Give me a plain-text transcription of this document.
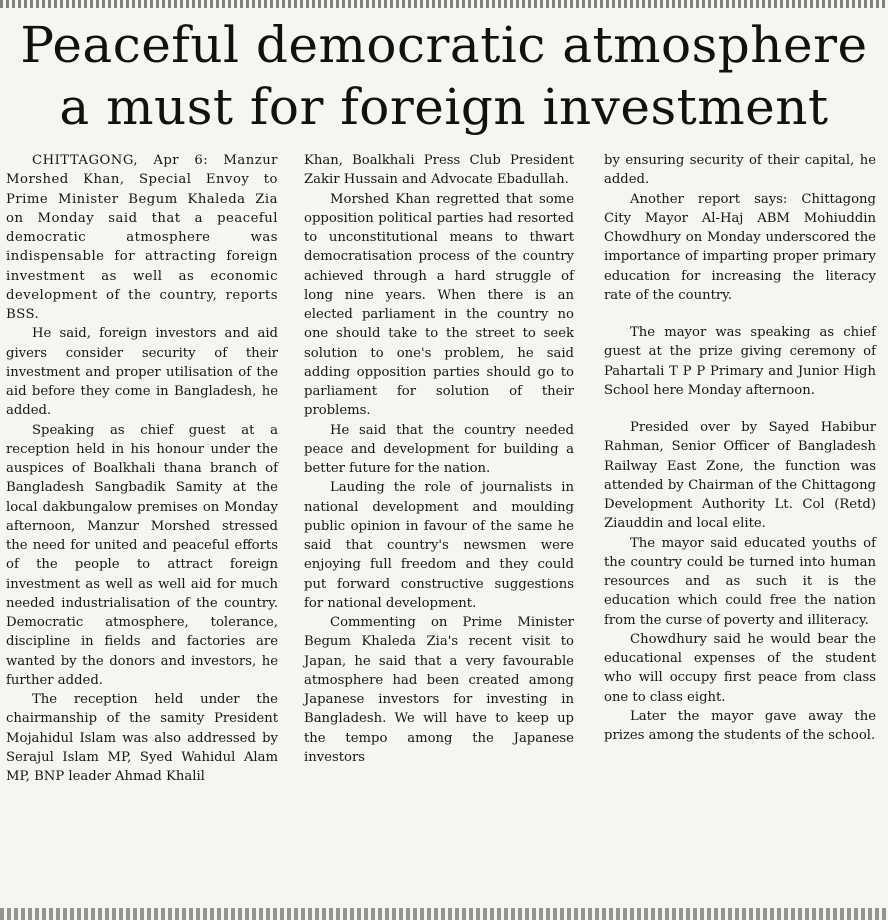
Peaceful democratic atmosphere
a must for foreign investment

CHITTAGONG, Apr 6: Manzur Morshed Khan, Special Envoy to Prime Minister Begum Khaleda Zia on Monday said that a peaceful democratic atmosphere was indispensable for attracting foreign investment as well as economic development of the country, reports BSS.

He said, foreign investors and aid givers consider security of their investment and proper utilisation of the aid before they come in Bangladesh, he added.

Speaking as chief guest at a reception held in his honour under the auspices of Boalkhali thana branch of Bangladesh Sangbadik Samity at the local dakbungalow premises on Monday afternoon, Manzur Morshed stressed the need for united and peaceful efforts of the people to attract foreign investment as well as well aid for much needed industrialisation of the country. Democratic atmosphere, tolerance, discipline in fields and factories are wanted by the donors and investors, he further added.

The reception held under the chairmanship of the samity President Mojahidul Islam was also addressed by Serajul Islam MP, Syed Wahidul Alam MP, BNP leader Ahmad Khalil

Khan, Boalkhali Press Club President Zakir Hussain and Advocate Ebadullah.

Morshed Khan regretted that some opposition political parties had resorted to unconstitutional means to thwart democratisation process of the country achieved through a hard struggle of long nine years. When there is an elected parliament in the country no one should take to the street to seek solution to one's problem, he said adding opposition parties should go to parliament for solution of their problems.

He said that the country needed peace and development for building a better future for the nation.

Lauding the role of journalists in national development and moulding public opinion in favour of the same he said that country's newsmen were enjoying full freedom and they could put forward constructive suggestions for national development.

Commenting on Prime Minister Begum Khaleda Zia's recent visit to Japan, he said that a very favourable atmosphere had been created among Japanese investors for investing in Bangladesh. We will have to keep up the tempo among the Japanese investors

by ensuring security of their capital, he added.

Another report says: Chittagong City Mayor Al-Haj ABM Mohiuddin Chowdhury on Monday underscored the importance of imparting proper primary education for increasing the literacy rate of the country.

The mayor was speaking as chief guest at the prize giving ceremony of Pahartali T P P Primary and Junior High School here Monday afternoon.

Presided over by Sayed Habibur Rahman, Senior Officer of Bangladesh Railway East Zone, the function was attended by Chairman of the Chittagong Development Authority Lt. Col (Retd) Ziauddin and local elite.

The mayor said educated youths of the country could be turned into human resources and as such it is the education which could free the nation from the curse of poverty and illiteracy.

Chowdhury said he would bear the educational expenses of the student who will occupy first peace from class one to class eight.

Later the mayor gave away the prizes among the students of the school.
